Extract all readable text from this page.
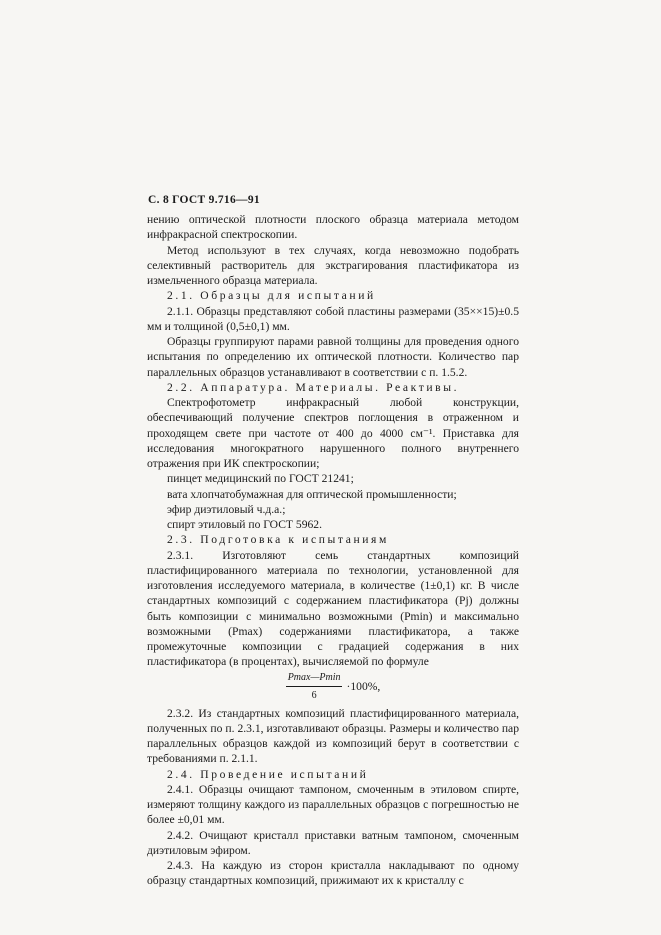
С. 8 ГОСТ 9.716—91

нению оптической плотности плоского образца материала методом инфракрасной спектроскопии.

Метод используют в тех случаях, когда невозможно подобрать селективный растворитель для экстрагирования пластификатора из измельченного образца материала.

2.1. Образцы для испытаний

2.1.1. Образцы представляют собой пластины размерами (35××15)±0.5 мм и толщиной (0,5±0,1) мм.

Образцы группируют парами равной толщины для проведения одного испытания по определению их оптической плотности. Количество пар параллельных образцов устанавливают в соответствии с п. 1.5.2.

2.2. Аппаратура. Материалы. Реактивы.

Спектрофотометр инфракрасный любой конструкции, обеспечивающий получение спектров поглощения в отраженном и проходящем свете при частоте от 400 до 4000 см⁻¹. Приставка для исследования многократного нарушенного полного внутреннего отражения при ИК спектроскопии;

пинцет медицинский по ГОСТ 21241;
вата хлопчатобумажная для оптической промышленности;
эфир диэтиловый ч.д.а.;
спирт этиловый по ГОСТ 5962.

2.3. Подготовка к испытаниям

2.3.1. Изготовляют семь стандартных композиций пластифицированного материала по технологии, установленной для изготовления исследуемого материала, в количестве (1±0,1) кг. В числе стандартных композиций с содержанием пластификатора (Pj) должны быть композиции с минимально возможными (Pmin) и максимально возможными (Pmax) содержаниями пластификатора, а также промежуточные композиции с градацией содержания в них пластификатора (в процентах), вычисляемой по формуле

$\frac{Pmax—Pmin}{6} \cdot 100\%$,

2.3.2. Из стандартных композиций пластифицированного материала, полученных по п. 2.3.1, изготавливают образцы. Размеры и количество пар параллельных образцов каждой из композиций берут в соответствии с требованиями п. 2.1.1.

2.4. Проведение испытаний

2.4.1. Образцы очищают тампоном, смоченным в этиловом спирте, измеряют толщину каждого из параллельных образцов с погрешностью не более ±0,01 мм.

2.4.2. Очищают кристалл приставки ватным тампоном, смоченным диэтиловым эфиром.

2.4.3. На каждую из сторон кристалла накладывают по одному образцу стандартных композиций, прижимают их к кристаллу с
